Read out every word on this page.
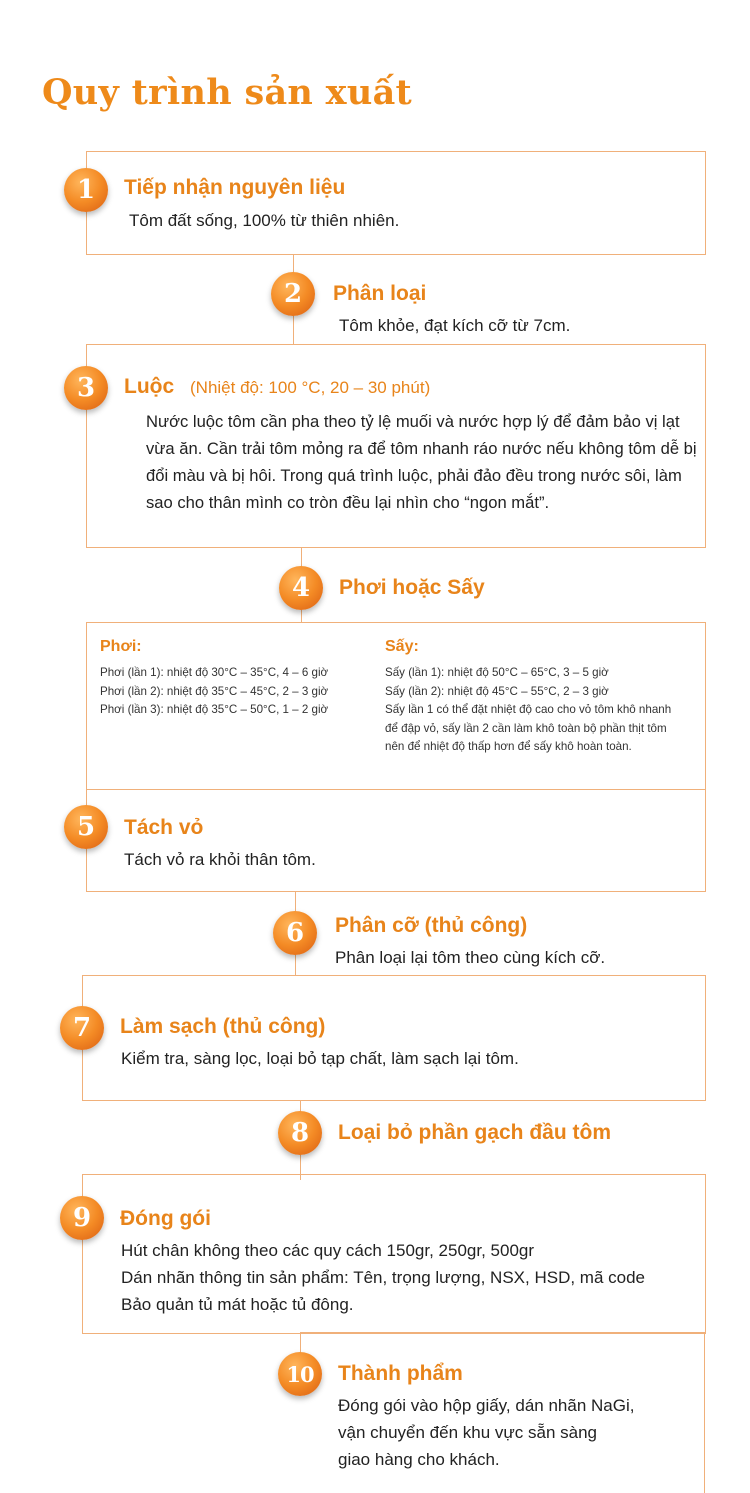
Quy trình sản xuất
1	Tiếp nhận nguyên liệu

Tôm đất sống, 100% từ thiên nhiên.

2	Phân loại

Tôm khỏe, đạt kích cỡ từ 7cm.

3	Luộc (Nhiệt độ: 100 °C, 20 – 30 phút)

Nước luộc tôm cần pha theo tỷ lệ muối và nước hợp lý để đảm bảo vị lạt
vừa ăn. Cần trải tôm mỏng ra để tôm nhanh ráo nước nếu không tôm dễ bị
đổi màu và bị hôi. Trong quá trình luộc, phải đảo đều trong nước sôi, làm
sao cho thân mình co tròn đều lại nhìn cho “ngon mắt”.

4	Phơi hoặc Sấy
Phơi:

Phơi (lần 1): nhiệt độ 30°C – 35°C, 4 – 6 giờ
Phơi (lần 2): nhiệt độ 35°C – 45°C, 2 – 3 giờ
Phơi (lần 3): nhiệt độ 35°C – 50°C, 1 – 2 giờ

Sấy:

Sấy (lần 1): nhiệt độ 50°C – 65°C, 3 – 5 giờ
Sấy (lần 2): nhiệt độ 45°C – 55°C, 2 – 3 giờ
Sấy lần 1 có thể đặt nhiệt độ cao cho vỏ tôm khô nhanh
để đập vỏ, sấy lần 2 cần làm khô toàn bộ phần thịt tôm
nên để nhiệt độ thấp hơn để sấy khô hoàn toàn.

5	Tách vỏ

Tách vỏ ra khỏi thân tôm.

6	Phân cỡ (thủ công)

Phân loại lại tôm theo cùng kích cỡ.

7	Làm sạch (thủ công)

Kiểm tra, sàng lọc, loại bỏ tạp chất, làm sạch lại tôm.

8	Loại bỏ phần gạch đầu tôm
9	Đóng gói

Hút chân không theo các quy cách 150gr, 250gr, 500gr
Dán nhãn thông tin sản phẩm: Tên, trọng lượng, NSX, HSD, mã code
Bảo quản tủ mát hoặc tủ đông.

10	Thành phẩm

Đóng gói vào hộp giấy, dán nhãn NaGi,
vận chuyển đến khu vực sẵn sàng
giao hàng cho khách.
